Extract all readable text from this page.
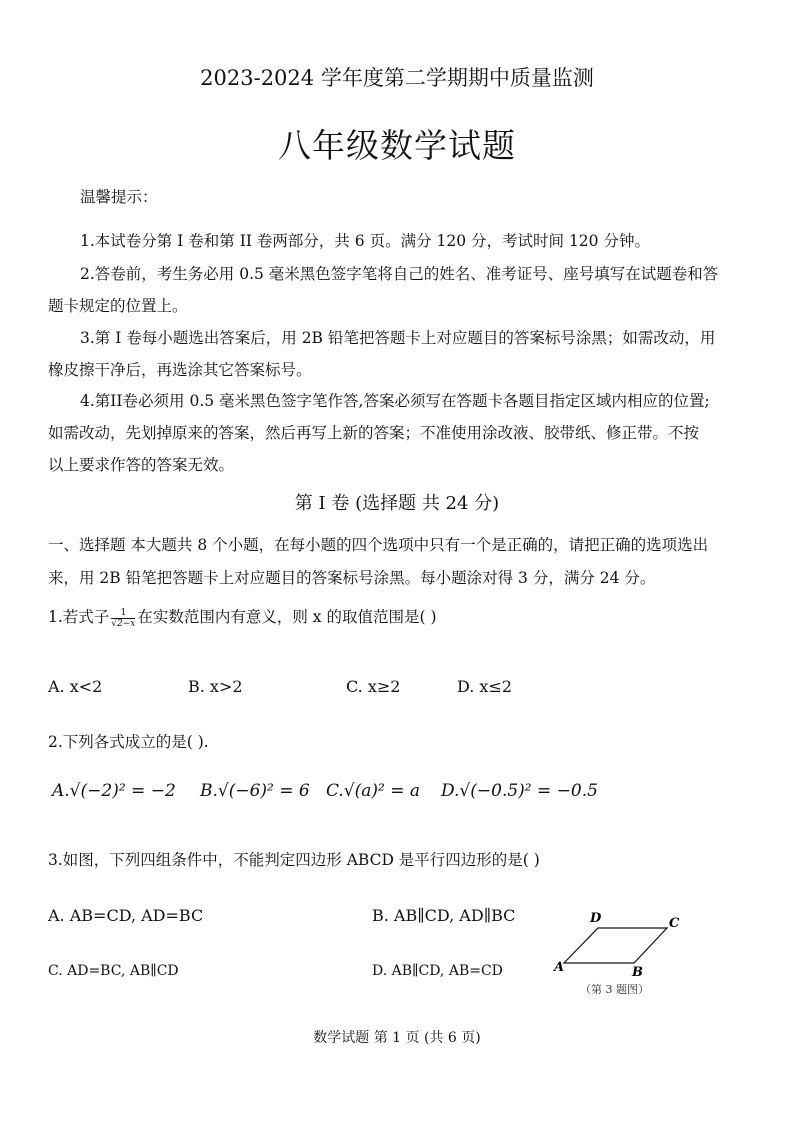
2023-2024 学年度第二学期期中质量监测
八年级数学试题
温馨提示：
1.本试卷分第 I 卷和第 II 卷两部分，共 6 页。满分 120 分，考试时间 120 分钟。
2.答卷前，考生务必用 0.5 毫米黑色签字笔将自己的姓名、准考证号、座号填写在试题卷和答
题卡规定的位置上。
3.第 I 卷每小题选出答案后，用 2B 铅笔把答题卡上对应题目的答案标号涂黑；如需改动，用
橡皮擦干净后，再选涂其它答案标号。
4.第II卷必须用 0.5 毫米黑色签字笔作答,答案必须写在答题卡各题目指定区域内相应的位置;
如需改动，先划掉原来的答案，然后再写上新的答案；不准使用涂改液、胶带纸、修正带。不按
以上要求作答的答案无效。
第 I 卷 (选择题 共 24 分)
一、选择题 本大题共 8 个小题，在每小题的四个选项中只有一个是正确的，请把正确的选项选出
来，用 2B 铅笔把答题卡上对应题目的答案标号涂黑。每小题涂对得 3 分，满分 24 分。
1.若式子 $\frac{1}{√2-x}$ 在实数范围内有意义，则 x 的取值范围是( )
A. x<2	B. x>2	C. x≥2	D. x≤2
2.下列各式成立的是( ).
A.√(−2)² = −2 B.√(−6)² = 6 C.√(a)² = a D.√(−0.5)² = −0.5
3.如图，下列四组条件中，不能判定四边形 ABCD 是平行四边形的是( )
A. AB=CD, AD=BC	B. AB∥CD, AD∥BC
C. AD=BC, AB∥CD	D. AB∥CD, AB=CD
D	C
A	B
（第 3 题图）
数学试题 第 1 页 (共 6 页)
